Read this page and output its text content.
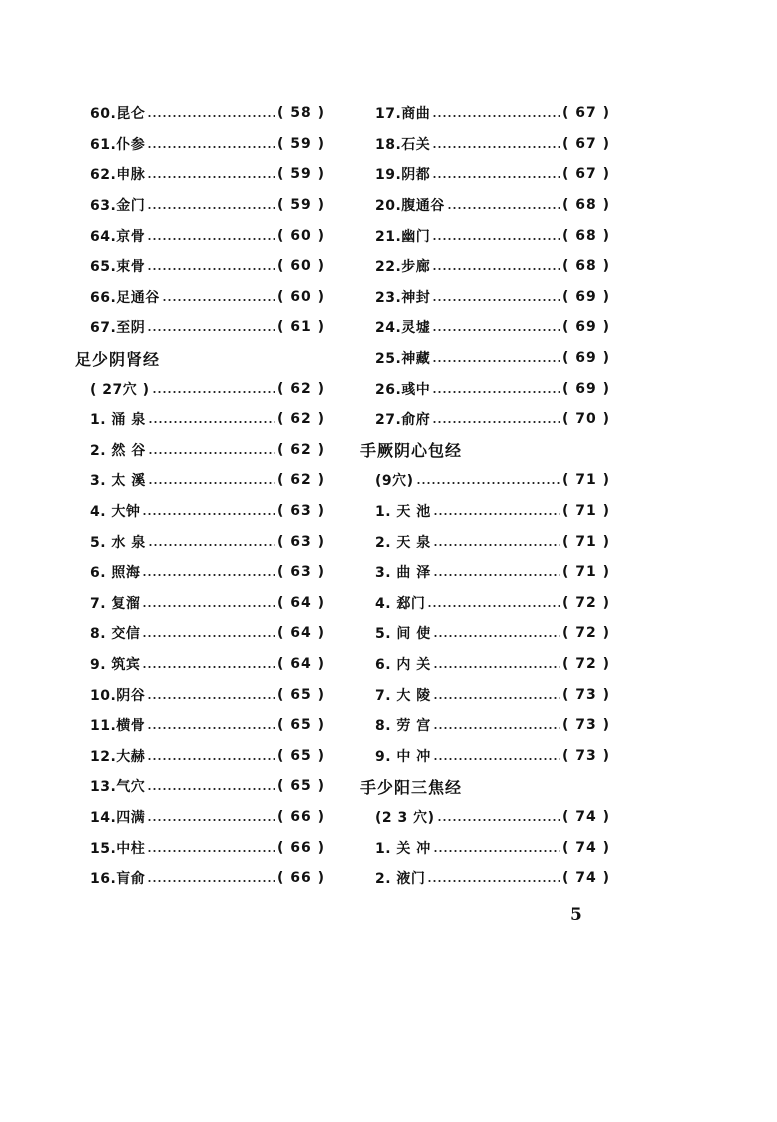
60.昆仑	( 58 )
61.仆参	( 59 )
62.申脉	( 59 )
63.金门	( 59 )
64.京骨	( 60 )
65.束骨	( 60 )
66.足通谷	( 60 )
67.至阴	( 61 )
足少阴肾经
( 27穴 )	( 62 )
1. 涌 泉	( 62 )
2. 然 谷	( 62 )
3. 太 溪	( 62 )
4. 大钟	( 63 )
5. 水 泉	( 63 )
6. 照海	( 63 )
7. 复溜	( 64 )
8. 交信	( 64 )
9. 筑宾	( 64 )
10.阴谷	( 65 )
11.横骨	( 65 )
12.大赫	( 65 )
13.气穴	( 65 )
14.四满	( 66 )
15.中柱	( 66 )
16.肓俞	( 66 )
17.商曲	( 67 )
18.石关	( 67 )
19.阴都	( 67 )
20.腹通谷	( 68 )
21.幽门	( 68 )
22.步廊	( 68 )
23.神封	( 69 )
24.灵墟	( 69 )
25.神藏	( 69 )
26.彧中	( 69 )
27.俞府	( 70 )
手厥阴心包经
(9穴)	( 71 )
1. 天 池	( 71 )
2. 天 泉	( 71 )
3. 曲 泽	( 71 )
4. 郄门	( 72 )
5. 间 使	( 72 )
6. 内 关	( 72 )
7. 大 陵	( 73 )
8. 劳 宫	( 73 )
9. 中 冲	( 73 )
手少阳三焦经
(2 3 穴)	( 74 )
1. 关 冲	( 74 )
2. 液门	( 74 )
5
